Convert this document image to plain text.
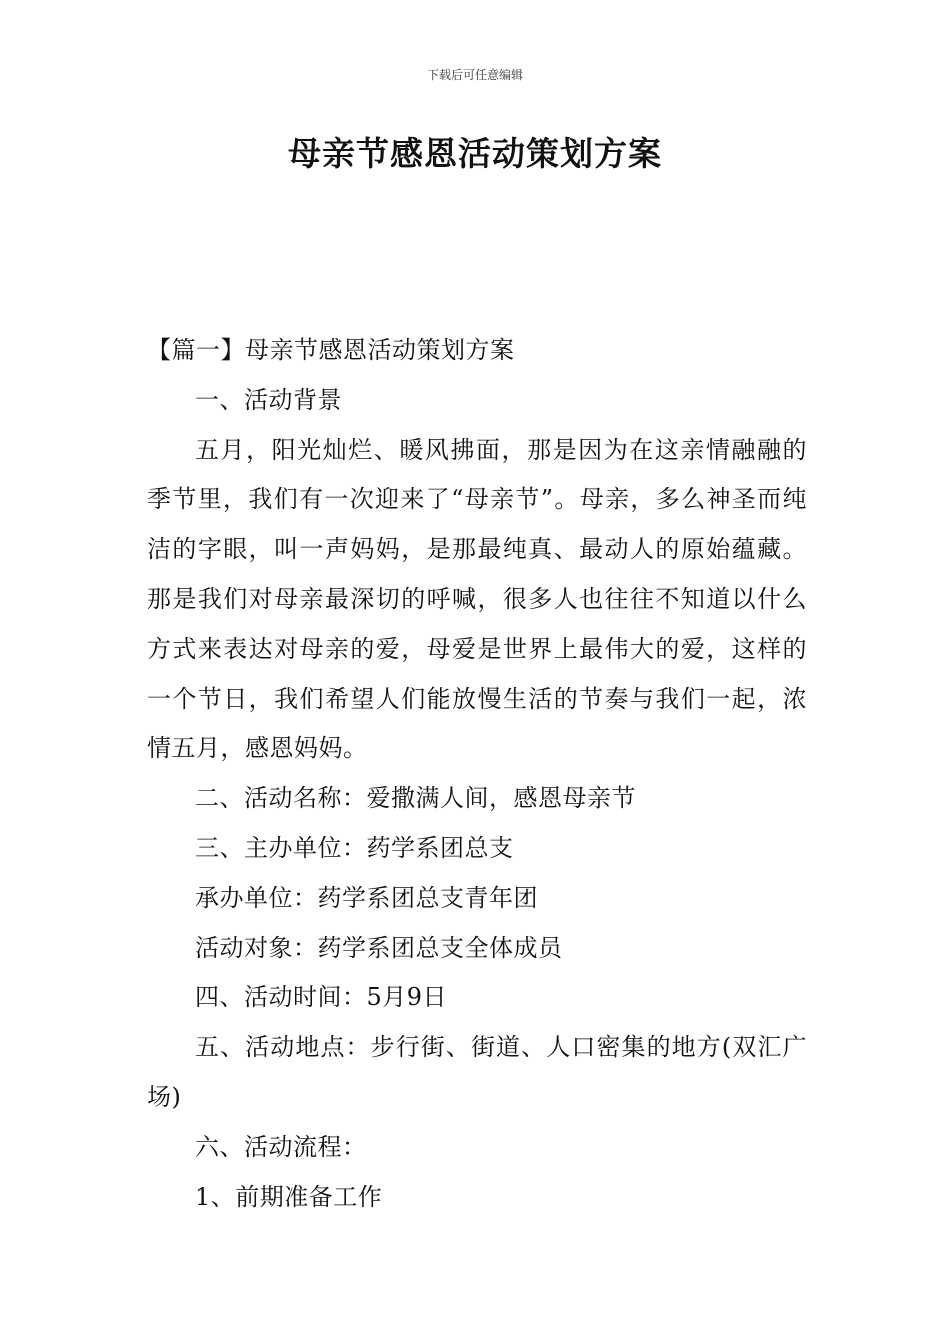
下载后可任意编辑
母亲节感恩活动策划方案

【篇一】母亲节感恩活动策划方案

一、活动背景

五月，阳光灿烂、暖风拂面，那是因为在这亲情融融的季节里，我们有一次迎来了“母亲节”。母亲，多么神圣而纯洁的字眼，叫一声妈妈，是那最纯真、最动人的原始蕴藏。那是我们对母亲最深切的呼喊，很多人也往往不知道以什么方式来表达对母亲的爱，母爱是世界上最伟大的爱，这样的一个节日，我们希望人们能放慢生活的节奏与我们一起，浓情五月，感恩妈妈。

二、活动名称：爱撒满人间，感恩母亲节

三、主办单位：药学系团总支

承办单位：药学系团总支青年团

活动对象：药学系团总支全体成员

四、活动时间：5月9日

五、活动地点：步行街、街道、人口密集的地方(双汇广场)

六、活动流程：

1、前期准备工作
